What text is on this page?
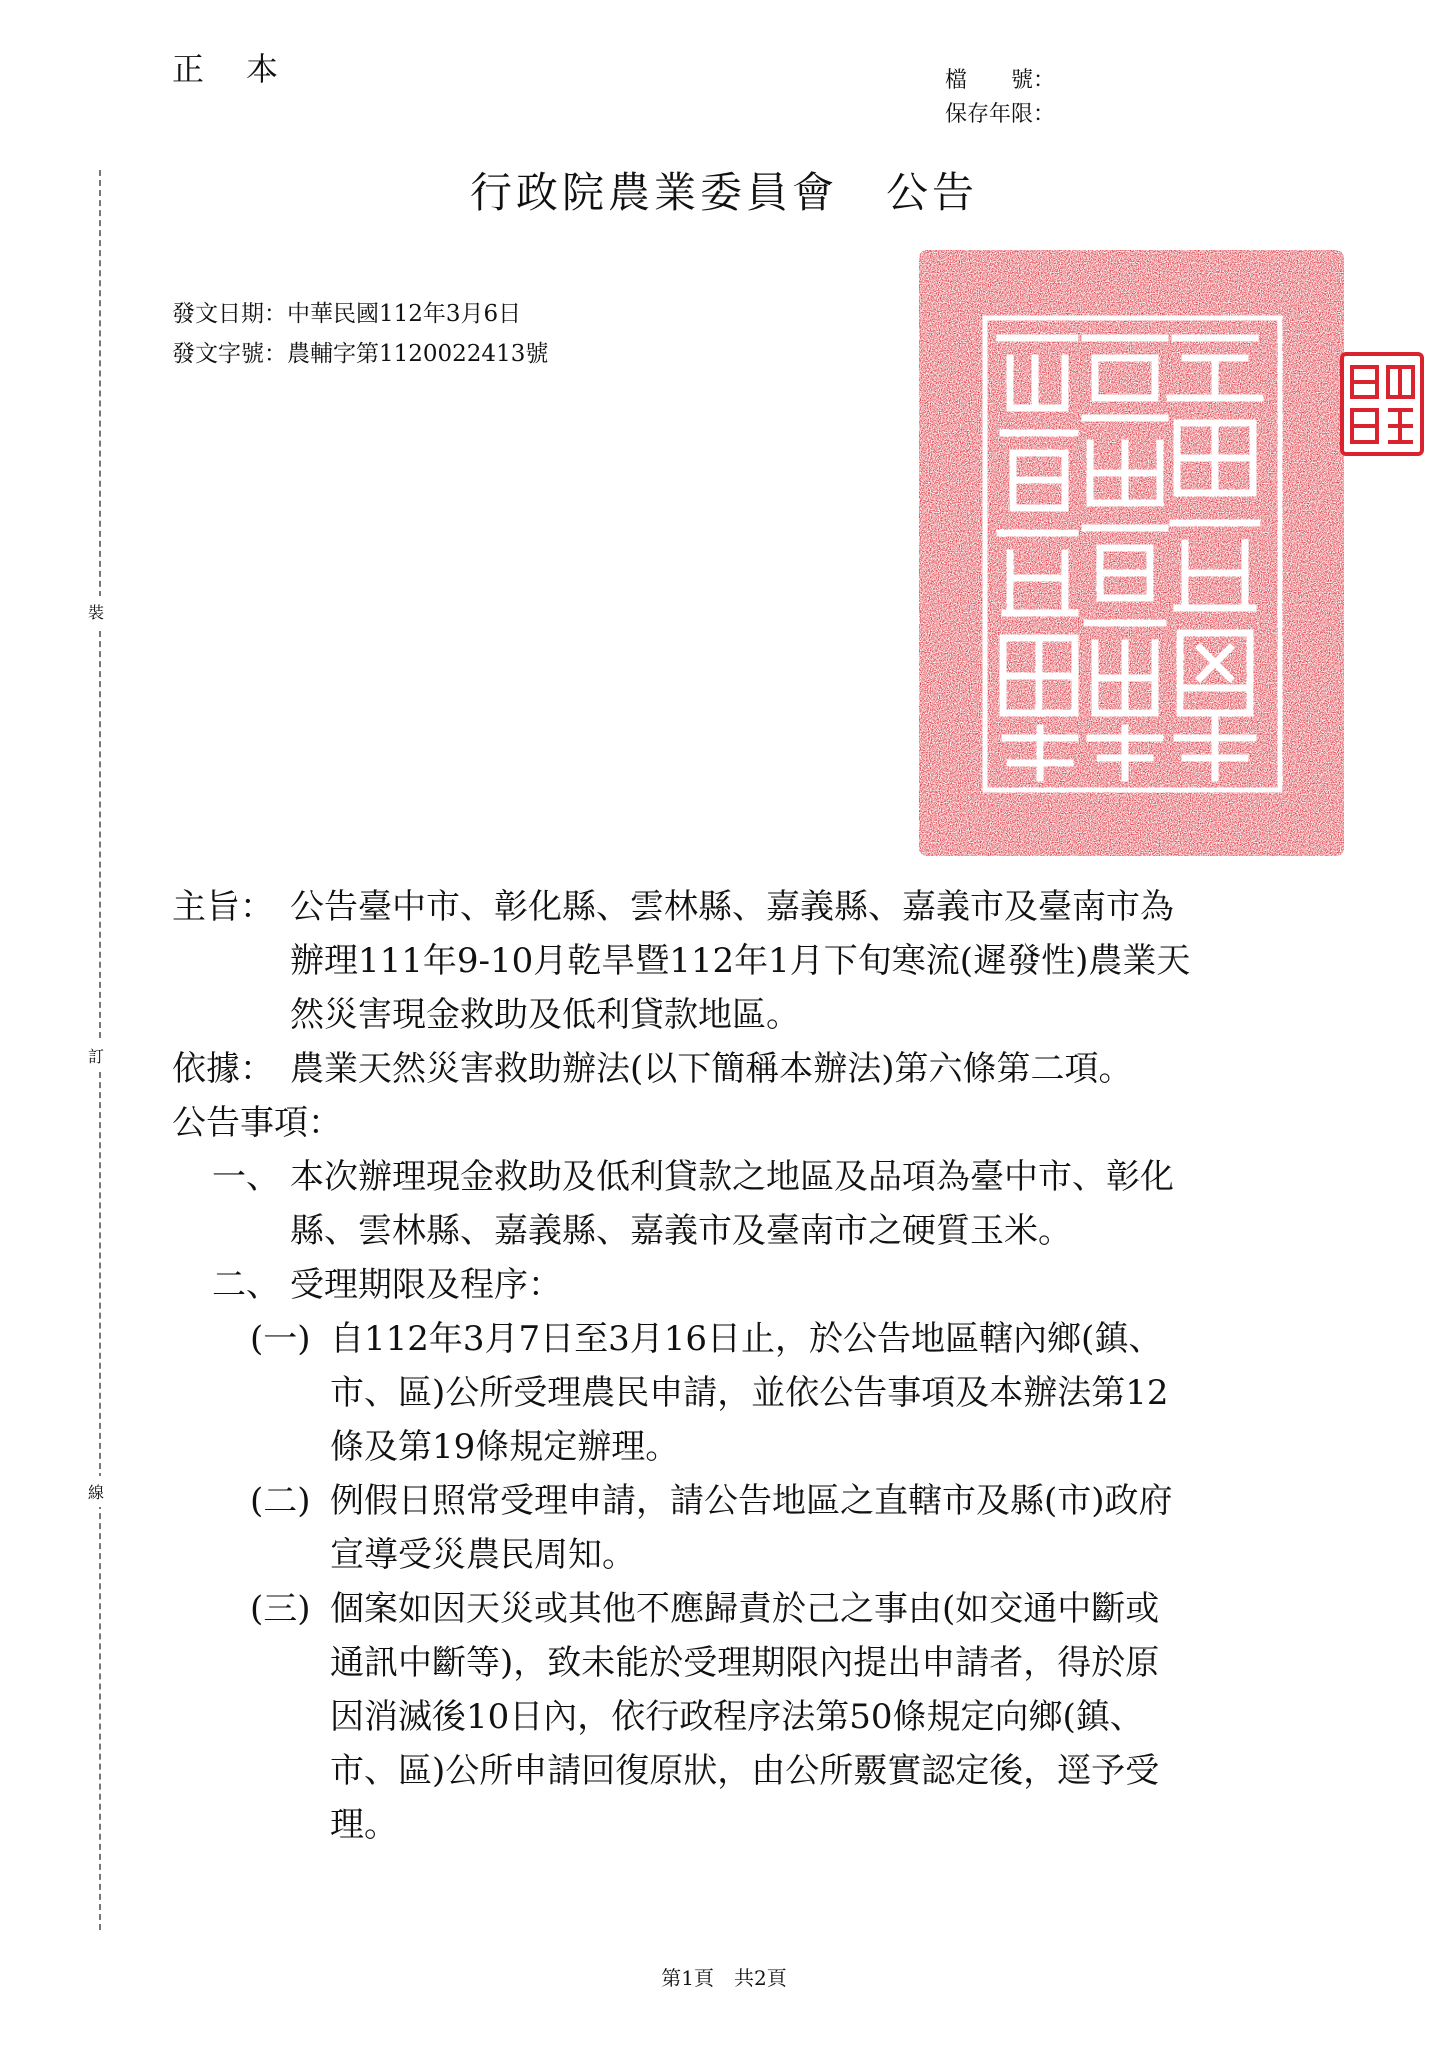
正 本	檔　　號：
保存年限：
裝
訂
線
行政院農業委員會 公告
發文日期：中華民國112年3月6日
發文字號：農輔字第1120022413號
主旨： 公告臺中市、彰化縣、雲林縣、嘉義縣、嘉義市及臺南市為
辦理111年9-10月乾旱暨112年1月下旬寒流(遲發性)農業天
然災害現金救助及低利貸款地區。
依據： 農業天然災害救助辦法(以下簡稱本辦法)第六條第二項。
公告事項：
一、 本次辦理現金救助及低利貸款之地區及品項為臺中市、彰化
縣、雲林縣、嘉義縣、嘉義市及臺南市之硬質玉米。
二、 受理期限及程序：
(一) 自112年3月7日至3月16日止，於公告地區轄內鄉(鎮、
市、區)公所受理農民申請，並依公告事項及本辦法第12
條及第19條規定辦理。
(二) 例假日照常受理申請，請公告地區之直轄市及縣(市)政府
宣導受災農民周知。
(三) 個案如因天災或其他不應歸責於己之事由(如交通中斷或
通訊中斷等)，致未能於受理期限內提出申請者，得於原
因消滅後10日內，依行政程序法第50條規定向鄉(鎮、
市、區)公所申請回復原狀，由公所覈實認定後，逕予受
理。
第1頁　共2頁
